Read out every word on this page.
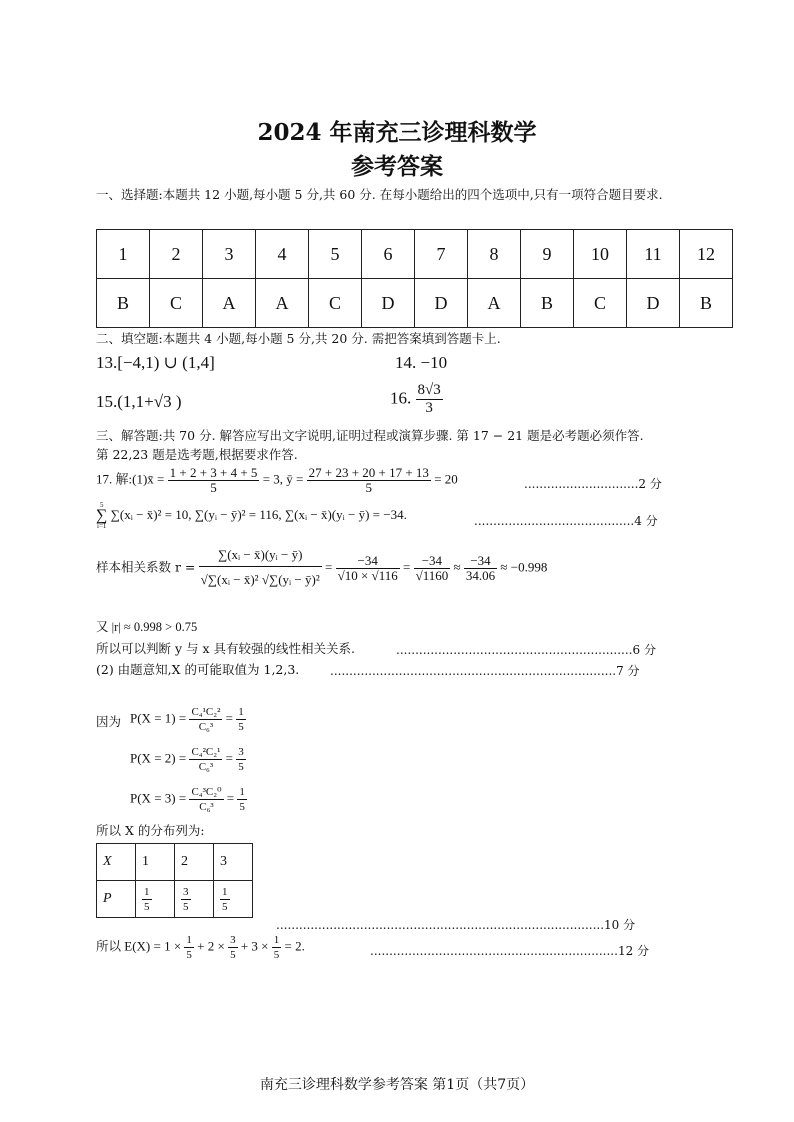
2024 年南充三诊理科数学
参考答案
一、选择题:本题共 12 小题,每小题 5 分,共 60 分. 在每小题给出的四个选项中,只有一项符合题目要求.
1	2	3	4	5	6	7	8	9	10	11	12
B	C	A	A	C	D	D	A	B	C	D	B
二、填空题:本题共 4 小题,每小题 5 分,共 20 分. 需把答案填到答题卡上.
13.[−4,1) ∪ (1,4]	14. −10
15.(1,1+√3 )	16. $\frac{8√3}{3}$
三、解答题:共 70 分. 解答应写出文字说明,证明过程或演算步骤. 第 17 − 21 题是必考题必须作答.
第 22,23 题是选考题,根据要求作答.
17. 解:(1)x̄ = $\frac{1 + 2 + 3 + 4 + 5}{5} = 3$, ȳ = $\frac{27 + 23 + 20 + 17 + 13}{5} = 20$	..............................2 分
5
∑
i=1 ∑(xᵢ − x̄)² = 10, ∑(yᵢ − ȳ)² = 116, ∑(xᵢ − x̄)(yᵢ − ȳ) = −34.	..........................................4 分
样本相关系数 $r = \frac{\text{∑(xᵢ − x̄)(yᵢ − ȳ)}}{\text{√∑(xᵢ − x̄)² √∑(yᵢ − ȳ)²}} = \frac{-34}{√10 \times √116} = \frac{-34}{√1160} \approx \frac{-34}{34.06} \approx -0.998$
又 |r| ≈ 0.998 > 0.75
所以可以判断 y 与 x 具有较强的线性相关关系.	..............................................................6 分
(2) 由题意知,X 的可能取值为 1,2,3.	...........................................................................7 分
因为 $P(X = 1) = \frac{\text{C₄¹C₂²}}{\text{C₆³}} = \frac{1}{5}$
$P(X = 2) = \frac{\text{C₄²C₂¹}}{\text{C₆³}} = \frac{3}{5}$
$P(X = 3) = \frac{\text{C₄³C₂⁰}}{\text{C₆³}} = \frac{1}{5}$
所以 X 的分布列为:
X	1	2	3
P	$\frac{1}{5}$	$\frac{3}{5}$	$\frac{1}{5}$
......................................................................................10 分
所以 $E(X) = 1 \times \frac{1}{5} + 2 \times \frac{3}{5} + 3 \times \frac{1}{5} = 2$.	.................................................................12 分
南充三诊理科数学参考答案 第1页（共7页）
